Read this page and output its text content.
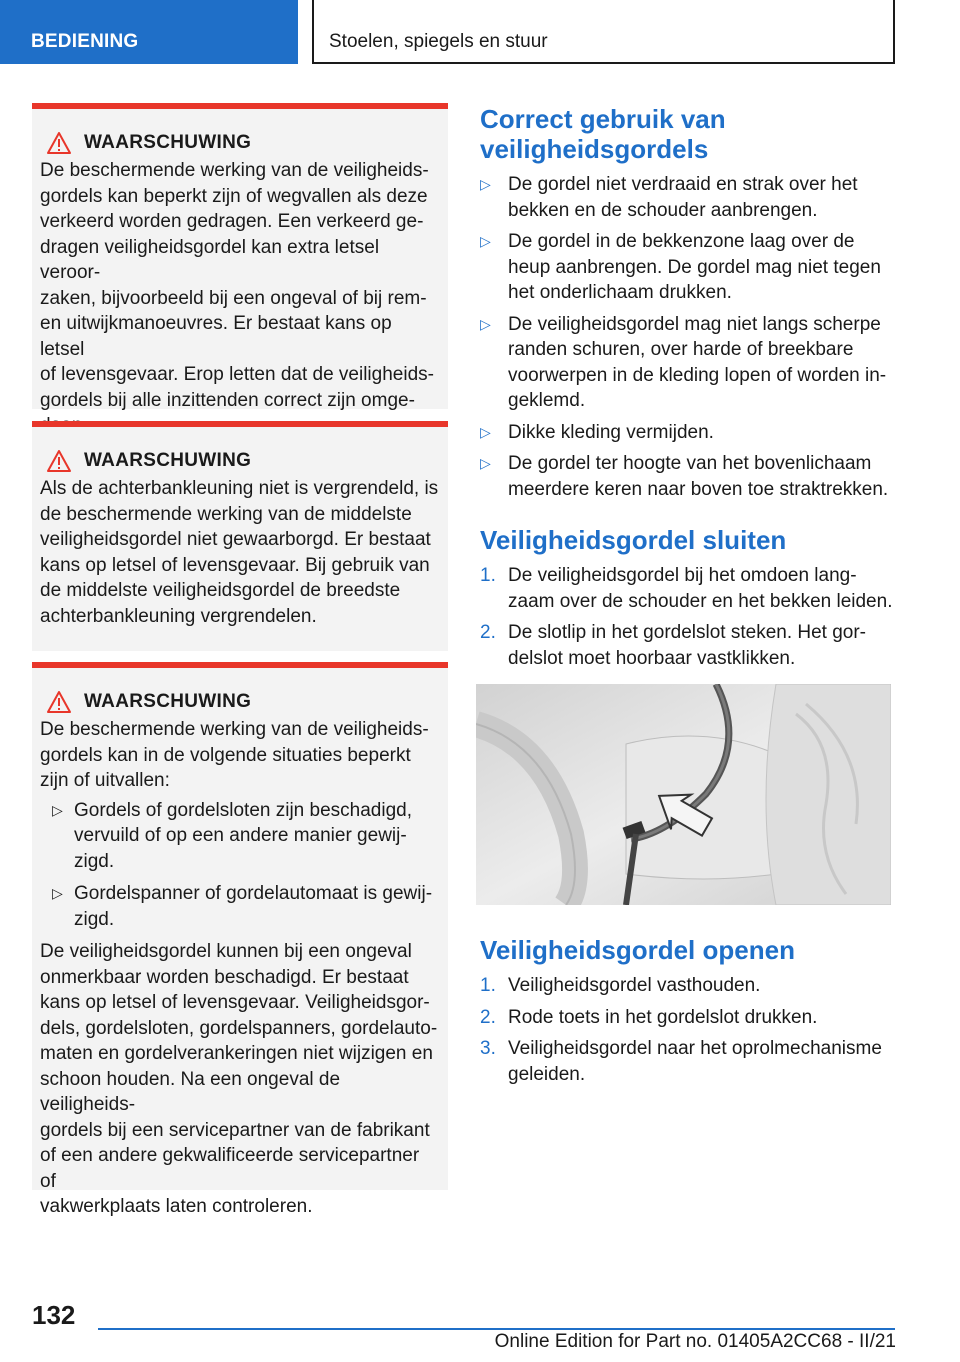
BEDIENING	Stoelen, spiegels en stuur
WAARSCHUWING

De beschermende werking van de veiligheids-
gordels kan beperkt zijn of wegvallen als deze
verkeerd worden gedragen. Een verkeerd ge-
dragen veiligheidsgordel kan extra letsel veroor-
zaken, bijvoorbeeld bij een ongeval of bij rem-
en uitwijkmanoeuvres. Er bestaat kans op letsel
of levensgevaar. Erop letten dat de veiligheids-
gordels bij alle inzittenden correct zijn omge-

WAARSCHUWING

Als de achterbankleuning niet is vergrendeld, is
de beschermende werking van de middelste
veiligheidsgordel niet gewaarborgd. Er bestaat
kans op letsel of levensgevaar. Bij gebruik van
de middelste veiligheidsgordel de breedste
achterbankleuning vergrendelen.

WAARSCHUWING

De beschermende werking van de veiligheids-
gordels kan in de volgende situaties beperkt
zijn of uitvallen:

▷ Gordels of gordelsloten zijn beschadigd,
vervuild of op een andere manier gewij-
zigd.
▷ Gordelspanner of gordelautomaat is gewij-
zigd.

De veiligheidsgordel kunnen bij een ongeval
onmerkbaar worden beschadigd. Er bestaat
kans op letsel of levensgevaar. Veiligheidsgor-
dels, gordelsloten, gordelspanners, gordelauto-
maten en gordelverankeringen niet wijzigen en
schoon houden. Na een ongeval de veiligheids-
gordels bij een servicepartner van de fabrikant
of een andere gekwalificeerde servicepartner of
vakwerkplaats laten controleren.

Correct gebruik van
veiligheidsgordels
▷ De gordel niet verdraaid en strak over het
bekken en de schouder aanbrengen.
▷ De gordel in de bekkenzone laag over de
heup aanbrengen. De gordel mag niet tegen
het onderlichaam drukken.
▷ De veiligheidsgordel mag niet langs scherpe
randen schuren, over harde of breekbare
voorwerpen in de kleding lopen of worden in-
geklemd.
▷ Dikke kleding vermijden.
▷ De gordel ter hoogte van het bovenlichaam
meerdere keren naar boven toe straktrekken.
Veiligheidsgordel sluiten
1. De veiligheidsgordel bij het omdoen lang-
zaam over de schouder en het bekken leiden.
2. De slotlip in het gordelslot steken. Het gor-
delslot moet hoorbaar vastklikken.
Veiligheidsgordel openen
1. Veiligheidsgordel vasthouden.
2. Rode toets in het gordelslot drukken.
3. Veiligheidsgordel naar het oprolmechanisme
geleiden.
132
Online Edition for Part no. 01405A2CC68 - II/21
